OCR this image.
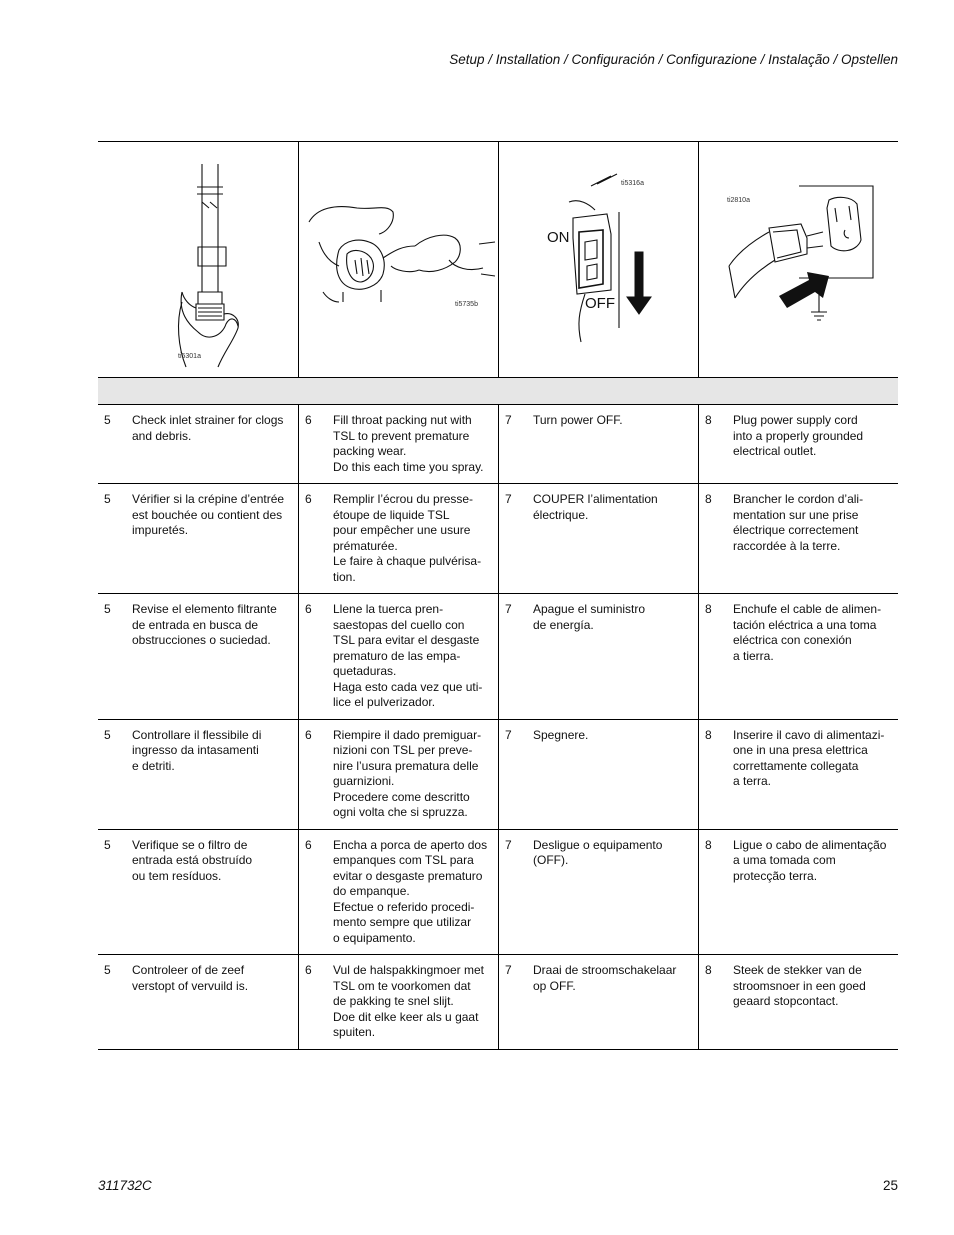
Setup / Installation / Configuración / Configurazione / Instalação / Opstellen
ti5301a
ti5735b
ON
OFF
ti5316a
ti2810a
5	Check inlet strainer for clogs
and debris.
6	Fill throat packing nut with
TSL to prevent premature
packing wear.
Do this each time you spray.
7	Turn power OFF.	8	Plug power supply cord
into a properly grounded
electrical outlet.
5	Vérifier si la crépine d’entrée
est bouchée ou contient des
impuretés.
6	Remplir l’écrou du presse-
étoupe de liquide TSL
pour empêcher une usure
prématurée.
Le faire à chaque pulvérisa-
tion.
7	COUPER l’alimentation
électrique.
8	Brancher le cordon d’ali-
mentation sur une prise
électrique correctement
raccordée à la terre.
5	Revise el elemento filtrante
de entrada en busca de
obstrucciones o suciedad.
6	Llene la tuerca pren-
saestopas del cuello con
TSL para evitar el desgaste
prematuro de las empa-
quetaduras.
Haga esto cada vez que uti-
lice el pulverizador.
7	Apague el suministro
de energía.
8	Enchufe el cable de alimen-
tación eléctrica a una toma
eléctrica con conexión
a tierra.
5	Controllare il flessibile di
ingresso da intasamenti
e detriti.
6	Riempire il dado premiguar-
nizioni con TSL per preve-
nire l’usura prematura delle
guarnizioni.
Procedere come descritto
ogni volta che si spruzza.
7	Spegnere.	8	Inserire il cavo di alimentazi-
one in una presa elettrica
correttamente collegata
a terra.
5	Verifique se o filtro de
entrada está obstruído
ou tem resíduos.
6	Encha a porca de aperto dos
empanques com TSL para
evitar o desgaste prematuro
do empanque.
Efectue o referido procedi-
mento sempre que utilizar
o equipamento.
7	Desligue o equipamento
(OFF).
8	Ligue o cabo de alimentação
a uma tomada com
protecção terra.
5	Controleer of de zeef
verstopt of vervuild is.
6	Vul de halspakkingmoer met
TSL om te voorkomen dat
de pakking te snel slijt.
Doe dit elke keer als u gaat
spuiten.
7	Draai de stroomschakelaar
op OFF.
8	Steek de stekker van de
stroomsnoer in een goed
geaard stopcontact.
311732C	25
